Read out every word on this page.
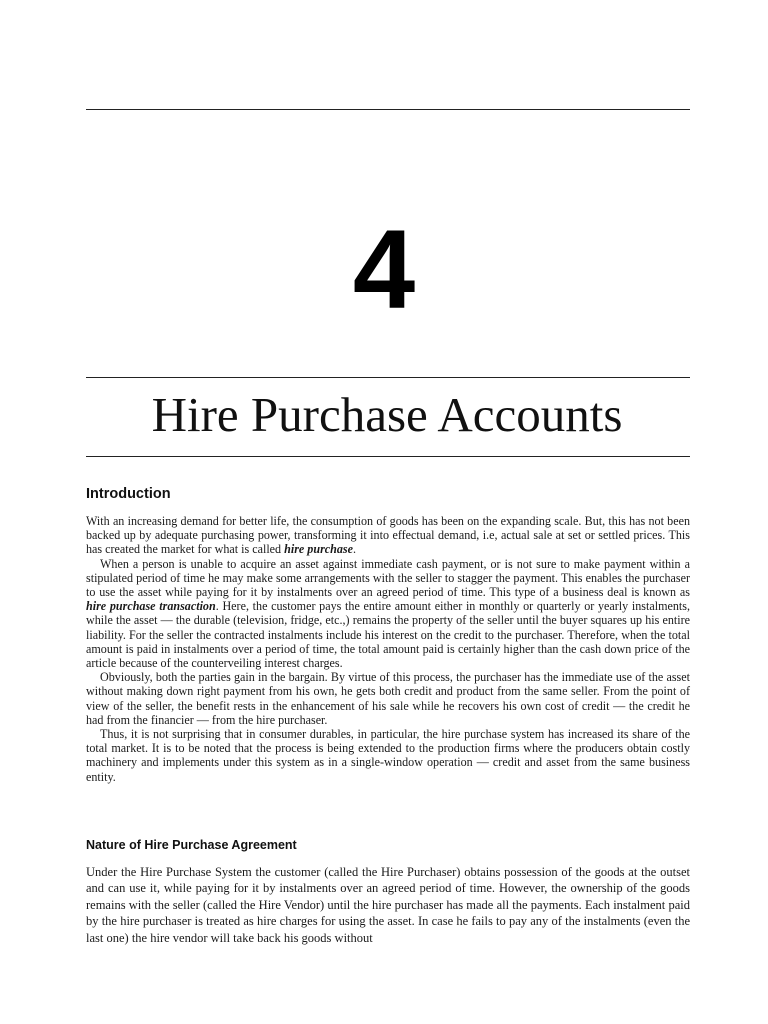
4
Hire Purchase Accounts
Introduction

With an increasing demand for better life, the consumption of goods has been on the expanding scale. But, this has not been backed up by adequate purchasing power, transforming it into effectual demand, i.e, actual sale at set or settled prices. This has created the market for what is called hire purchase.

When a person is unable to acquire an asset against immediate cash payment, or is not sure to make payment within a stipulated period of time he may make some arrangements with the seller to stagger the payment. This enables the purchaser to use the asset while paying for it by instalments over an agreed period of time. This type of a business deal is known as hire purchase transaction. Here, the customer pays the entire amount either in monthly or quarterly or yearly instalments, while the asset — the durable (television, fridge, etc.,) remains the property of the seller until the buyer squares up his entire liability. For the seller the contracted instalments include his interest on the credit to the purchaser. Therefore, when the total amount is paid in instalments over a period of time, the total amount paid is certainly higher than the cash down price of the article because of the counterveiling interest charges.

Obviously, both the parties gain in the bargain. By virtue of this process, the purchaser has the immediate use of the asset without making down right payment from his own, he gets both credit and product from the same seller. From the point of view of the seller, the benefit rests in the enhancement of his sale while he recovers his own cost of credit — the credit he had from the financier — from the hire purchaser.

Thus, it is not surprising that in consumer durables, in particular, the hire purchase system has increased its share of the total market. It is to be noted that the process is being extended to the production firms where the producers obtain costly machinery and implements under this system as in a single-window operation — credit and asset from the same business entity.

Nature of Hire Purchase Agreement

Under the Hire Purchase System the customer (called the Hire Purchaser) obtains possession of the goods at the outset and can use it, while paying for it by instalments over an agreed period of time. However, the ownership of the goods remains with the seller (called the Hire Vendor) until the hire purchaser has made all the payments. Each instalment paid by the hire purchaser is treated as hire charges for using the asset. In case he fails to pay any of the instalments (even the last one) the hire vendor will take back his goods without
